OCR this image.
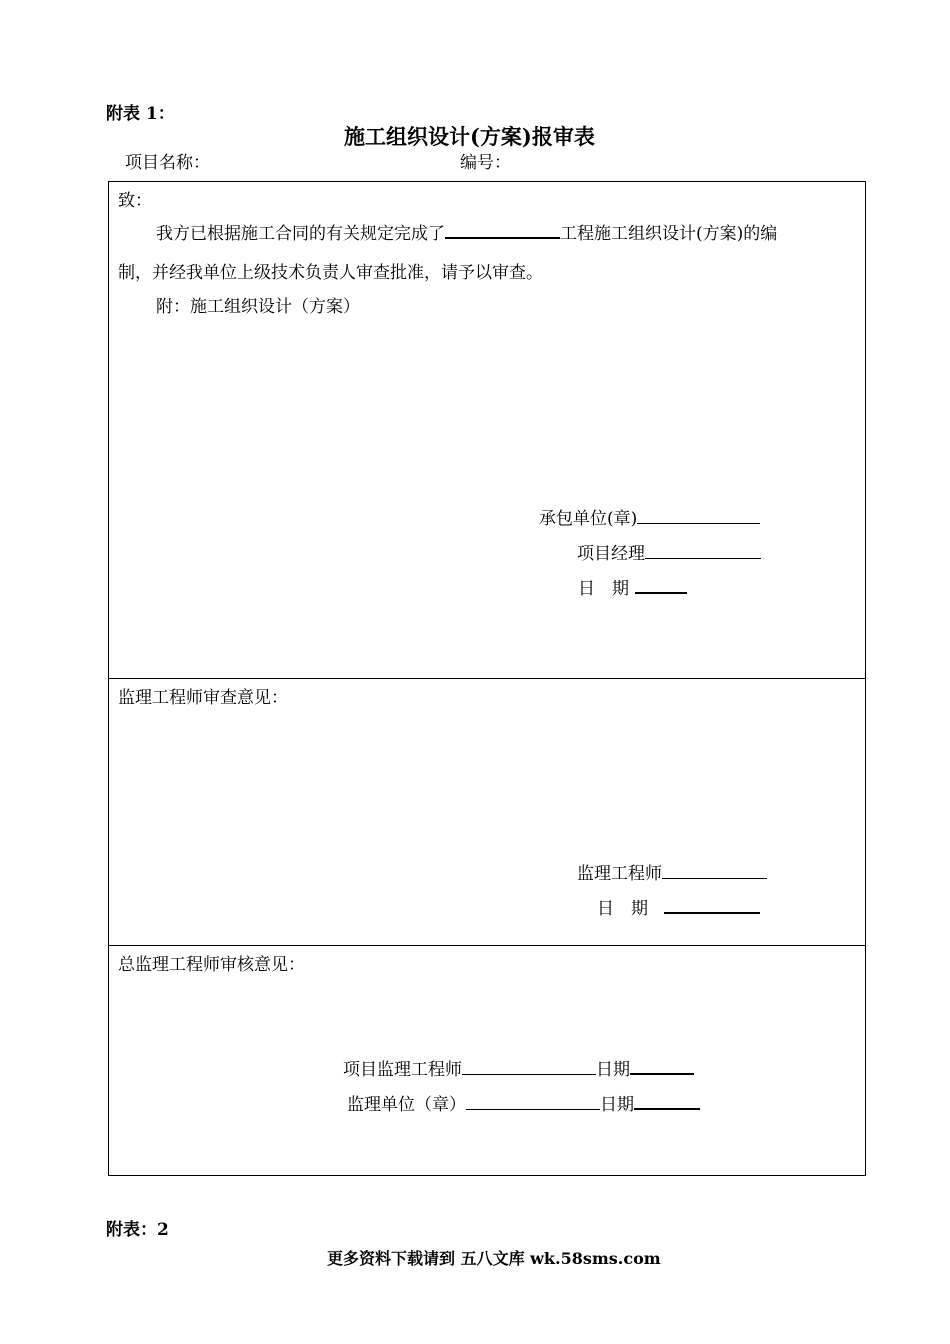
附表 1：
施工组织设计(方案)报审表
项目名称：	编号：
致：
我方已根据施工合同的有关规定完成了	工程施工组织设计(方案)的编
制，并经我单位上级技术负责人审查批准，请予以审查。
附：施工组织设计（方案）
承包单位(章)
项目经理
日　期
监理工程师审查意见：
监理工程师
日　期
总监理工程师审核意见：
项目监理工程师	日期
监理单位（章）	日期
附表：2
更多资料下载请到 五八文库 wk.58sms.com
